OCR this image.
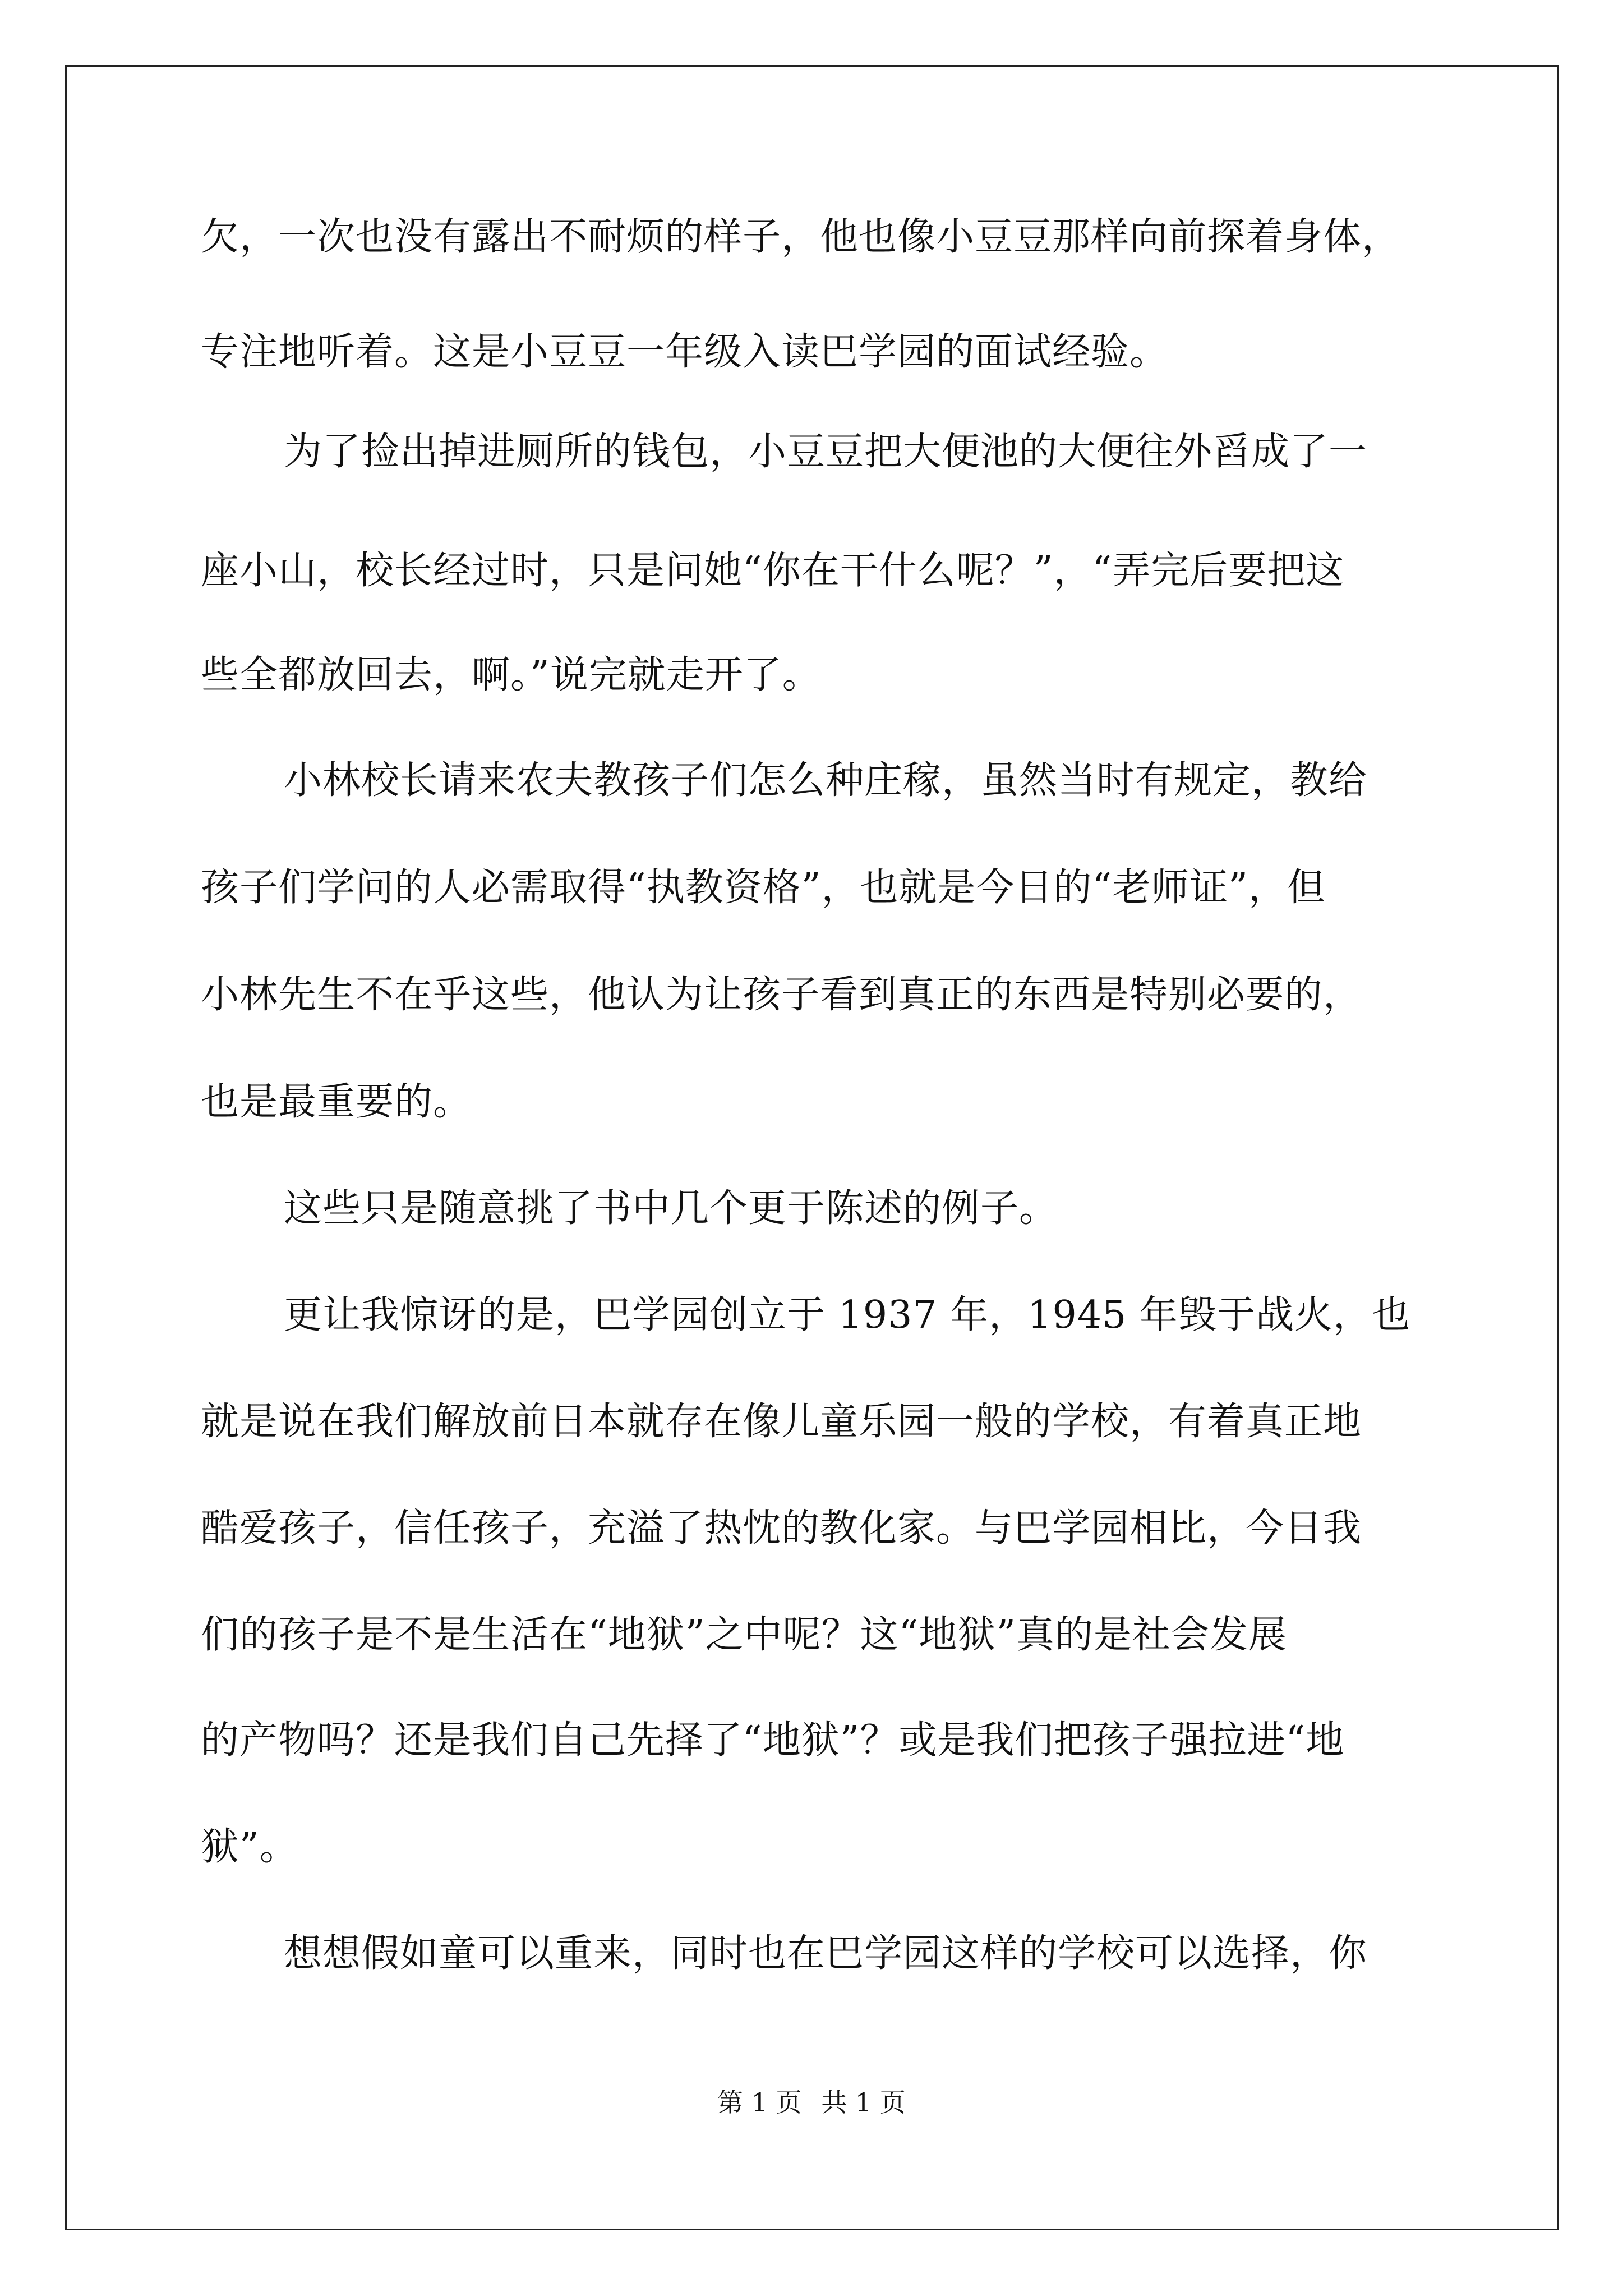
欠，一次也没有露出不耐烦的样子，他也像小豆豆那样向前探着身体，
专注地听着。这是小豆豆一年级入读巴学园的面试经验。
为了捡出掉进厕所的钱包，小豆豆把大便池的大便往外舀成了一
座小山，校长经过时，只是问她“你在干什么呢？”，“弄完后要把这
些全都放回去，啊。”说完就走开了。
小林校长请来农夫教孩子们怎么种庄稼，虽然当时有规定，教给
孩子们学问的人必需取得“执教资格”，也就是今日的“老师证”，但
小林先生不在乎这些，他认为让孩子看到真正的东西是特别必要的，
也是最重要的。
这些只是随意挑了书中几个更于陈述的例子。
更让我惊讶的是，巴学园创立于 1937 年，1945 年毁于战火，也
就是说在我们解放前日本就存在像儿童乐园一般的学校，有着真正地
酷爱孩子，信任孩子，充溢了热忱的教化家。与巴学园相比，今日我
们的孩子是不是生活在“地狱”之中呢？这“地狱”真的是社会发展
的产物吗？还是我们自己先择了“地狱”？或是我们把孩子强拉进“地
狱”。
想想假如童可以重来，同时也在巴学园这样的学校可以选择，你
第 1 页 共 1 页
